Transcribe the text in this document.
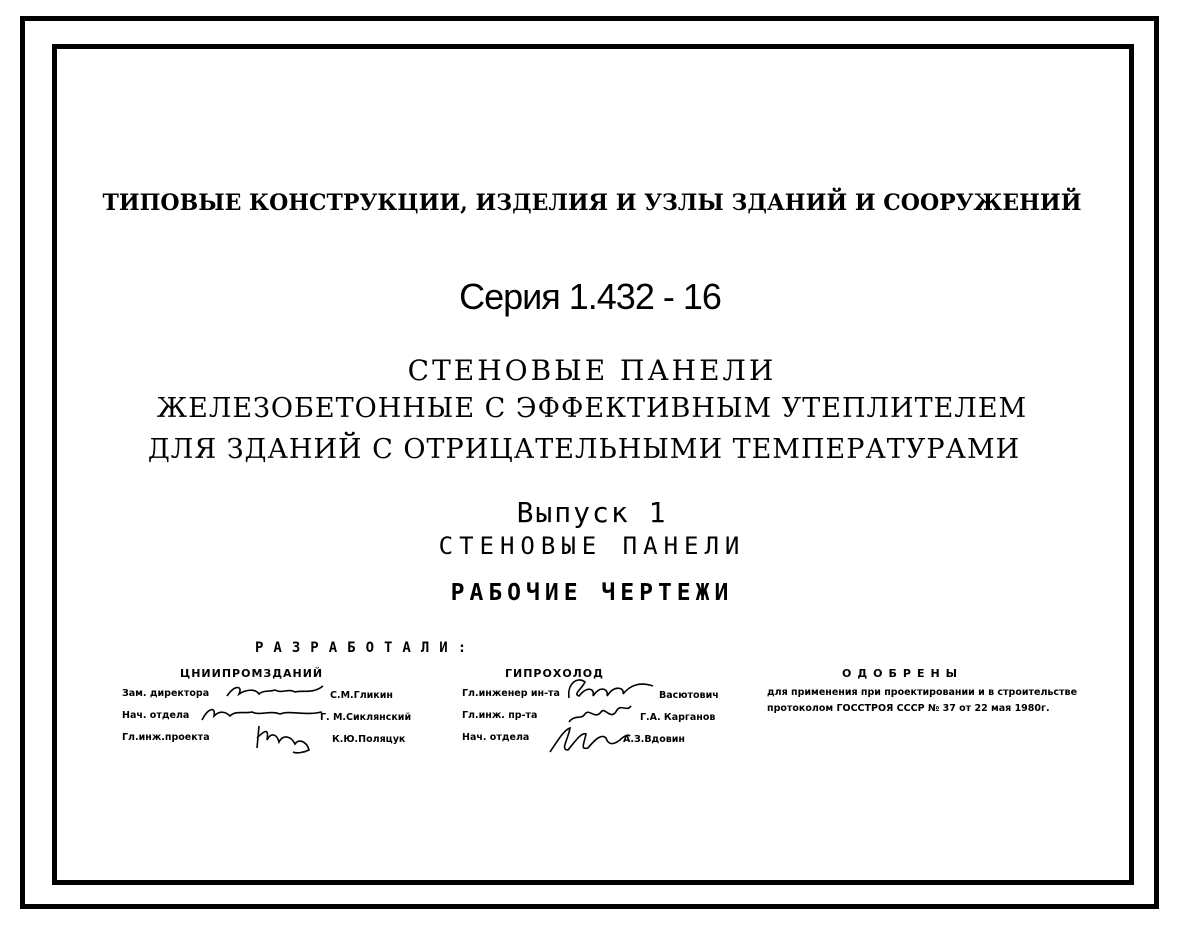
ТИПОВЫЕ КОНСТРУКЦИИ, ИЗДЕЛИЯ И УЗЛЫ ЗДАНИЙ И СООРУЖЕНИЙ
Серия 1.432 - 16
СТЕНОВЫЕ ПАНЕЛИ
ЖЕЛЕЗОБЕТОННЫЕ С ЭФФЕКТИВНЫМ УТЕПЛИТЕЛЕМ
ДЛЯ ЗДАНИЙ С ОТРИЦАТЕЛЬНЫМИ ТЕМПЕРАТУРАМИ
Выпуск 1
СТЕНОВЫЕ ПАНЕЛИ
РАБОЧИЕ ЧЕРТЕЖИ
РАЗРАБОТАЛИ:
ЦНИИПРОМЗДАНИЙ
Зам. директора	С.М.Гликин
Нач. отдела	Г. М.Сиклянский
Гл.инж.проекта	К.Ю.Поляцук
ГИПРОХОЛОД
Гл.инженер ин-та	Васютович
Гл.инж. пр-та	Г.А. Карганов
Нач. отдела	А.З.Вдовин
ОДОБРЕНЫ
для применения при проектировании и в строительстве
протоколом ГОССТРОЯ СССР № 37 от 22 мая 1980г.
